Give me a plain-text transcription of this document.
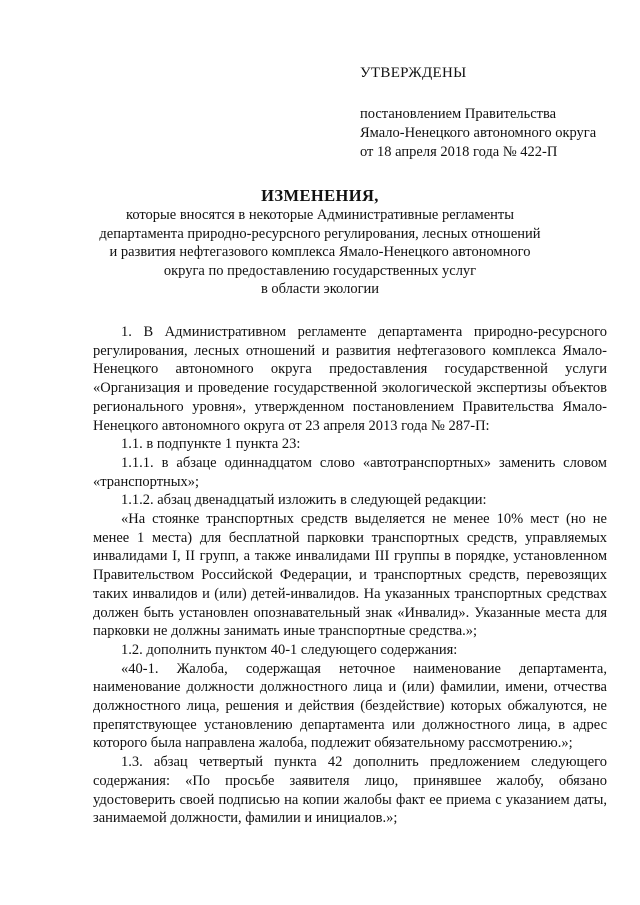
УТВЕРЖДЕНЫ
постановлением Правительства
Ямало-Ненецкого автономного округа
от 18 апреля 2018 года № 422-П
ИЗМЕНЕНИЯ,
которые вносятся в некоторые Административные регламенты
департамента природно-ресурсного регулирования, лесных отношений
и развития нефтегазового комплекса Ямало-Ненецкого автономного
округа по предоставлению государственных услуг
в области экологии
1. В Административном регламенте департамента природно-ресурсного регулирования, лесных отношений и развития нефтегазового комплекса Ямало-Ненецкого автономного округа предоставления государственной услуги «Организация и проведение государственной экологической экспертизы объектов регионального уровня», утвержденном постановлением Правительства Ямало-Ненецкого автономного округа от 23 апреля 2013 года № 287-П:
1.1. в подпункте 1 пункта 23:
1.1.1. в абзаце одиннадцатом слово «автотранспортных» заменить словом «транспортных»;
1.1.2. абзац двенадцатый изложить в следующей редакции:
«На стоянке транспортных средств выделяется не менее 10% мест (но не менее 1 места) для бесплатной парковки транспортных средств, управляемых инвалидами I, II групп, а также инвалидами III группы в порядке, установленном Правительством Российской Федерации, и транспортных средств, перевозящих таких инвалидов и (или) детей-инвалидов. На указанных транспортных средствах должен быть установлен опознавательный знак «Инвалид». Указанные места для парковки не должны занимать иные транспортные средства.»;
1.2. дополнить пунктом 40-1 следующего содержания:
«40-1. Жалоба, содержащая неточное наименование департамента, наименование должности должностного лица и (или) фамилии, имени, отчества должностного лица, решения и действия (бездействие) которых обжалуются, не препятствующее установлению департамента или должностного лица, в адрес которого была направлена жалоба, подлежит обязательному рассмотрению.»;
1.3. абзац четвертый пункта 42 дополнить предложением следующего содержания: «По просьбе заявителя лицо, принявшее жалобу, обязано удостоверить своей подписью на копии жалобы факт ее приема с указанием даты, занимаемой должности, фамилии и инициалов.»;
